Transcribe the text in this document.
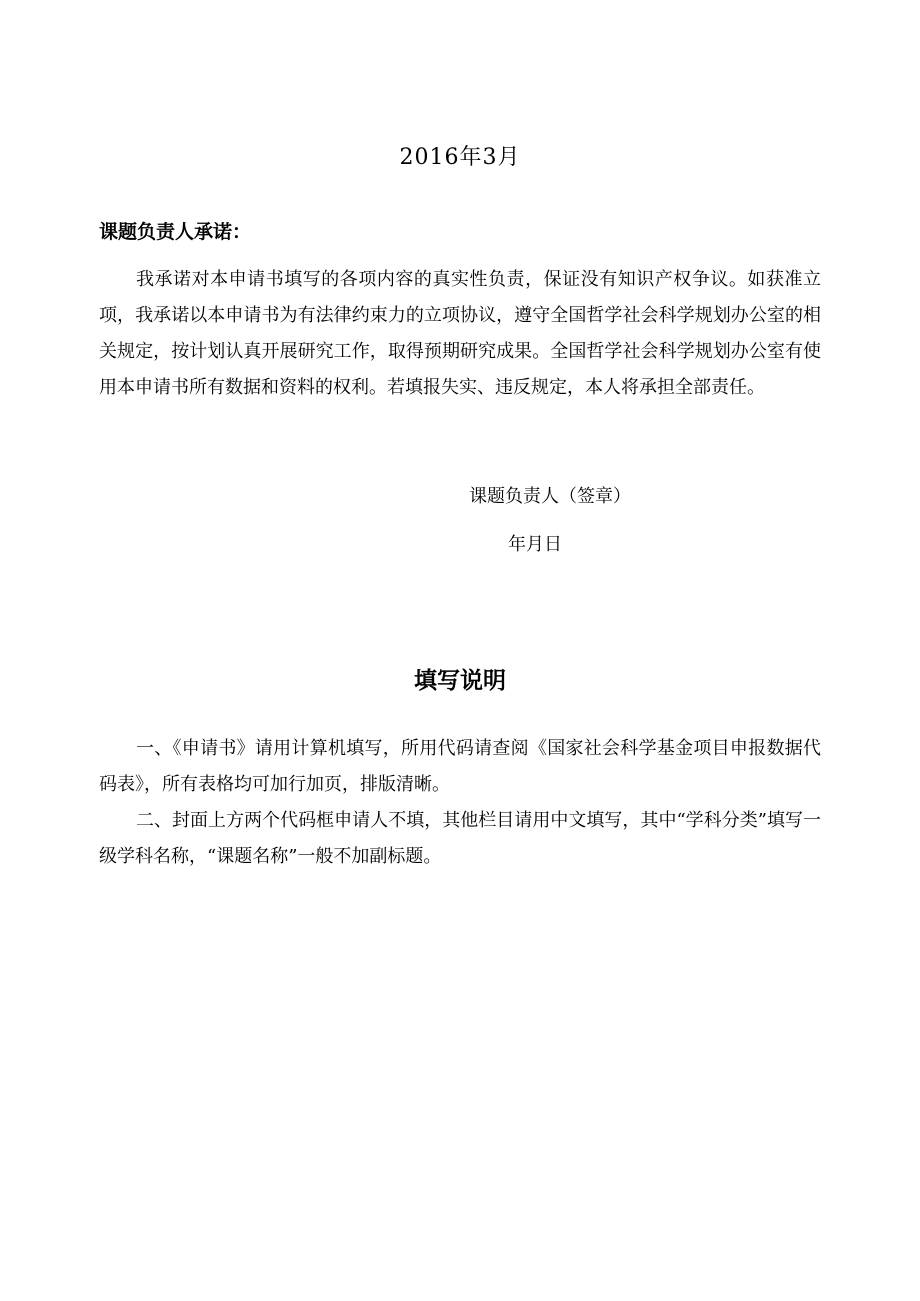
2016年3月
课题负责人承诺：

我承诺对本申请书填写的各项内容的真实性负责，保证没有知识产权争议。如获准立项，我承诺以本申请书为有法律约束力的立项协议，遵守全国哲学社会科学规划办公室的相关规定，按计划认真开展研究工作，取得预期研究成果。全国哲学社会科学规划办公室有使用本申请书所有数据和资料的权利。若填报失实、违反规定，本人将承担全部责任。

课题负责人（签章）
年月日
填写说明
一、《申请书》请用计算机填写，所用代码请查阅《国家社会科学基金项目申报数据代码表》，所有表格均可加行加页，排版清晰。
二、封面上方两个代码框申请人不填，其他栏目请用中文填写，其中“学科分类”填写一级学科名称，“课题名称”一般不加副标题。
